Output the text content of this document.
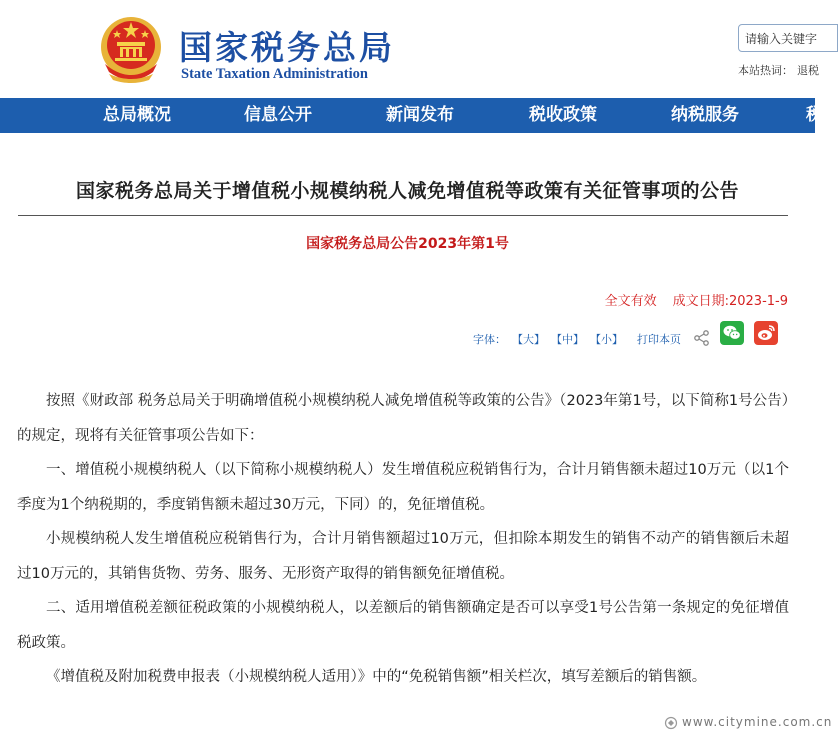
国家税务总局
State Taxation Administration
请输入关键字
本站热词： 退税
总局概况	信息公开	新闻发布	税收政策	纳税服务	税
国家税务总局关于增值税小规模纳税人减免增值税等政策有关征管事项的公告
国家税务总局公告2023年第1号
全文有效 成文日期:2023-1-9
字体： 【大】 【中】 【小】 打印本页

按照《财政部 税务总局关于明确增值税小规模纳税人减免增值税等政策的公告》（2023年第1号，以下简称1号公告）的规定，现将有关征管事项公告如下：

一、增值税小规模纳税人（以下简称小规模纳税人）发生增值税应税销售行为，合计月销售额未超过10万元（以1个季度为1个纳税期的，季度销售额未超过30万元，下同）的，免征增值税。

小规模纳税人发生增值税应税销售行为，合计月销售额超过10万元，但扣除本期发生的销售不动产的销售额后未超过10万元的，其销售货物、劳务、服务、无形资产取得的销售额免征增值税。

二、适用增值税差额征税政策的小规模纳税人，以差额后的销售额确定是否可以享受1号公告第一条规定的免征增值税政策。

《增值税及附加税费申报表（小规模纳税人适用）》中的“免税销售额”相关栏次，填写差额后的销售额。

www.citymine.com.cn
